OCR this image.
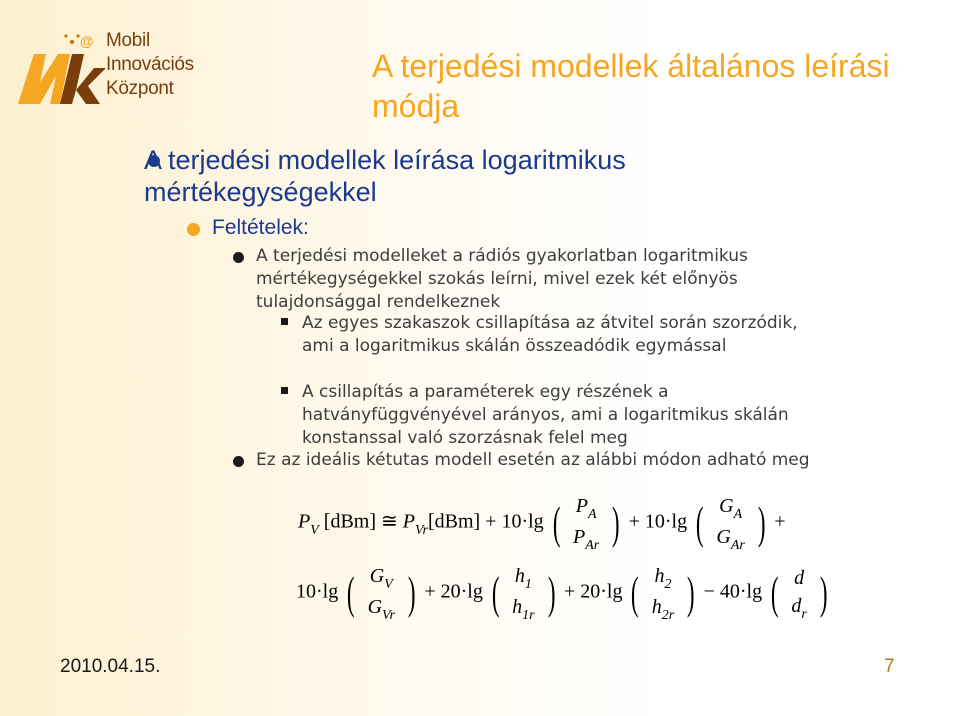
@ Mobil
Innovációs
Központ
A terjedési modellek általános leírási módja
A terjedési modellek leírása logaritmikus mértékegységekkel
Feltételek:

A terjedési modelleket a rádiós gyakorlatban logaritmikus mértékegységekkel szokás leírni, mivel ezek két előnyös tulajdonsággal rendelkeznek

Az egyes szakaszok csillapítása az átvitel során szorzódik, ami a logaritmikus skálán összeadódik egymással

A csillapítás a paraméterek egy részének a hatványfüggvényével arányos, ami a logaritmikus skálán konstanssal való szorzásnak felel meg

Ez az ideális kétutas modell esetén az alábbi módon adható meg

$P_V$ [dBm] ≅ $P_{Vr}[dBm] + 10\cdot\lg$ ( $P_A$
$P_{Ar}$ ) + 10·lg ( $G_A$
$G_{Ar}$ ) +
10·lg ( $G_V$
$G_{Vr}$ ) + 20·lg ( $h_1$
$h_{1r}$ ) + 20·lg ( $h_2$
$h_{2r}$ ) − 40·lg ( d
$d_r$ )
2010.04.15.	7
